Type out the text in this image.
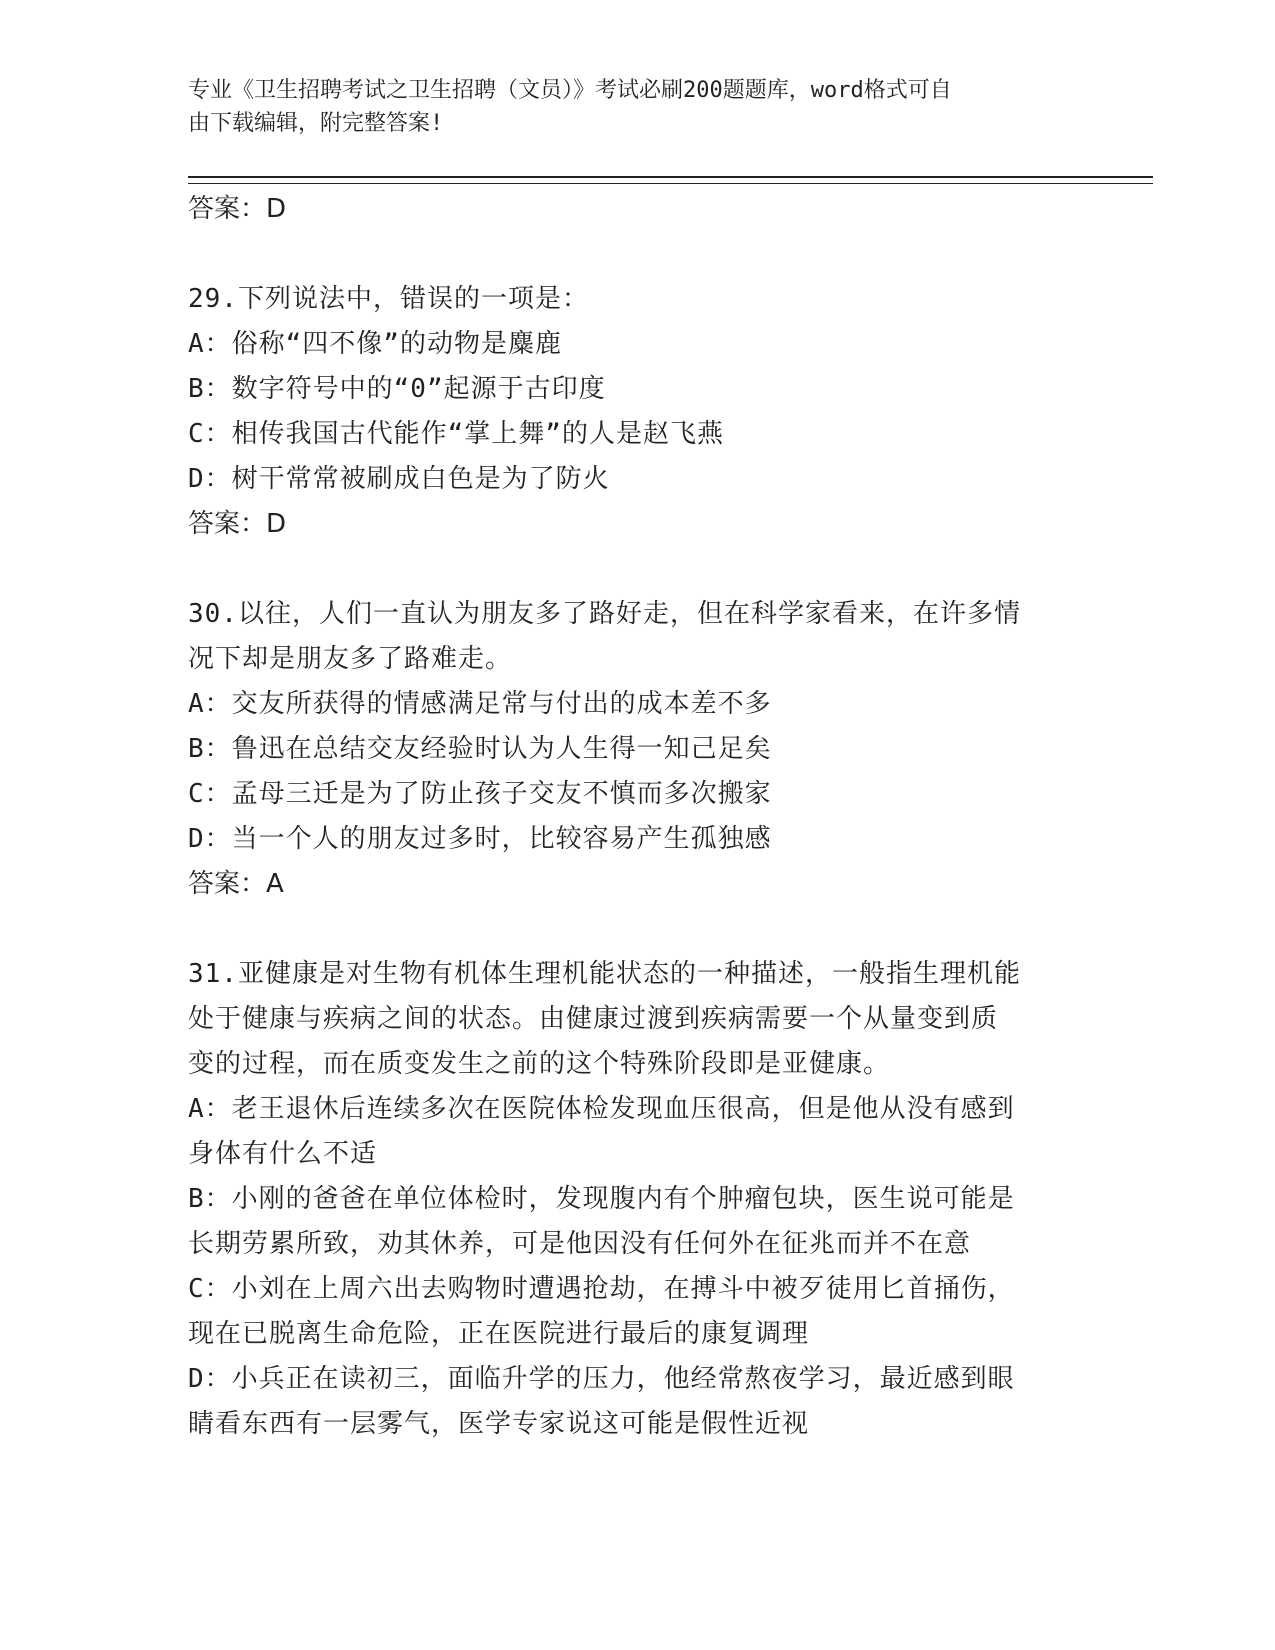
专业《卫生招聘考试之卫生招聘（文员）》考试必刷200题题库，word格式可自
由下载编辑，附完整答案!
答案：D
29.下列说法中，错误的一项是：
A：俗称“四不像”的动物是麋鹿
B：数字符号中的“0”起源于古印度
C：相传我国古代能作“掌上舞”的人是赵飞燕
D：树干常常被刷成白色是为了防火
答案：D
30.以往，人们一直认为朋友多了路好走，但在科学家看来，在许多情
况下却是朋友多了路难走。
A：交友所获得的情感满足常与付出的成本差不多
B：鲁迅在总结交友经验时认为人生得一知己足矣
C：孟母三迁是为了防止孩子交友不慎而多次搬家
D：当一个人的朋友过多时，比较容易产生孤独感
答案：A
31.亚健康是对生物有机体生理机能状态的一种描述，一般指生理机能
处于健康与疾病之间的状态。由健康过渡到疾病需要一个从量变到质
变的过程，而在质变发生之前的这个特殊阶段即是亚健康。
A：老王退休后连续多次在医院体检发现血压很高，但是他从没有感到
身体有什么不适
B：小刚的爸爸在单位体检时，发现腹内有个肿瘤包块，医生说可能是
长期劳累所致，劝其休养，可是他因没有任何外在征兆而并不在意
C：小刘在上周六出去购物时遭遇抢劫，在搏斗中被歹徒用匕首捅伤，
现在已脱离生命危险，正在医院进行最后的康复调理
D：小兵正在读初三，面临升学的压力，他经常熬夜学习，最近感到眼
睛看东西有一层雾气，医学专家说这可能是假性近视
